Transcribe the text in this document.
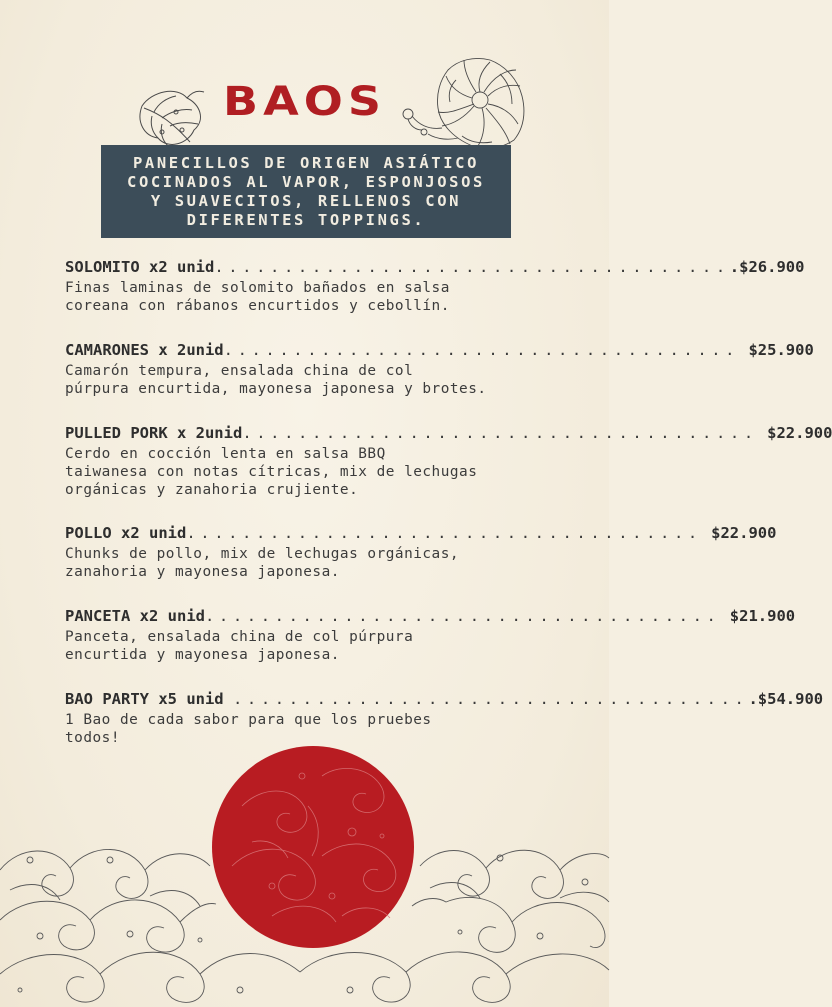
BAOS

PANECILLOS DE ORIGEN ASIÁTICO
COCINADOS AL VAPOR, ESPONJOSOS
Y SUAVECITOS, RELLENOS CON
DIFERENTES TOPPINGS.

SOLOMITO x2 unid ..................................... .$26.900
Finas laminas de solomito bañados en salsa
coreana con rábanos encurtidos y cebollín.
CAMARONES x 2unid ..................................... $25.900
Camarón tempura, ensalada china de col
púrpura encurtida, mayonesa japonesa y brotes.
PULLED PORK x 2unid ..................................... $22.900
Cerdo en cocción lenta en salsa BBQ
taiwanesa con notas cítricas, mix de lechugas
orgánicas y zanahoria crujiente.
POLLO x2 unid ..................................... $22.900
Chunks de pollo, mix de lechugas orgánicas,
zanahoria y mayonesa japonesa.
PANCETA x2 unid ..................................... $21.900
Panceta, ensalada china de col púrpura
encurtida y mayonesa japonesa.
BAO PARTY x5 unid ..................................... .$54.900
1 Bao de cada sabor para que los pruebes
todos!
